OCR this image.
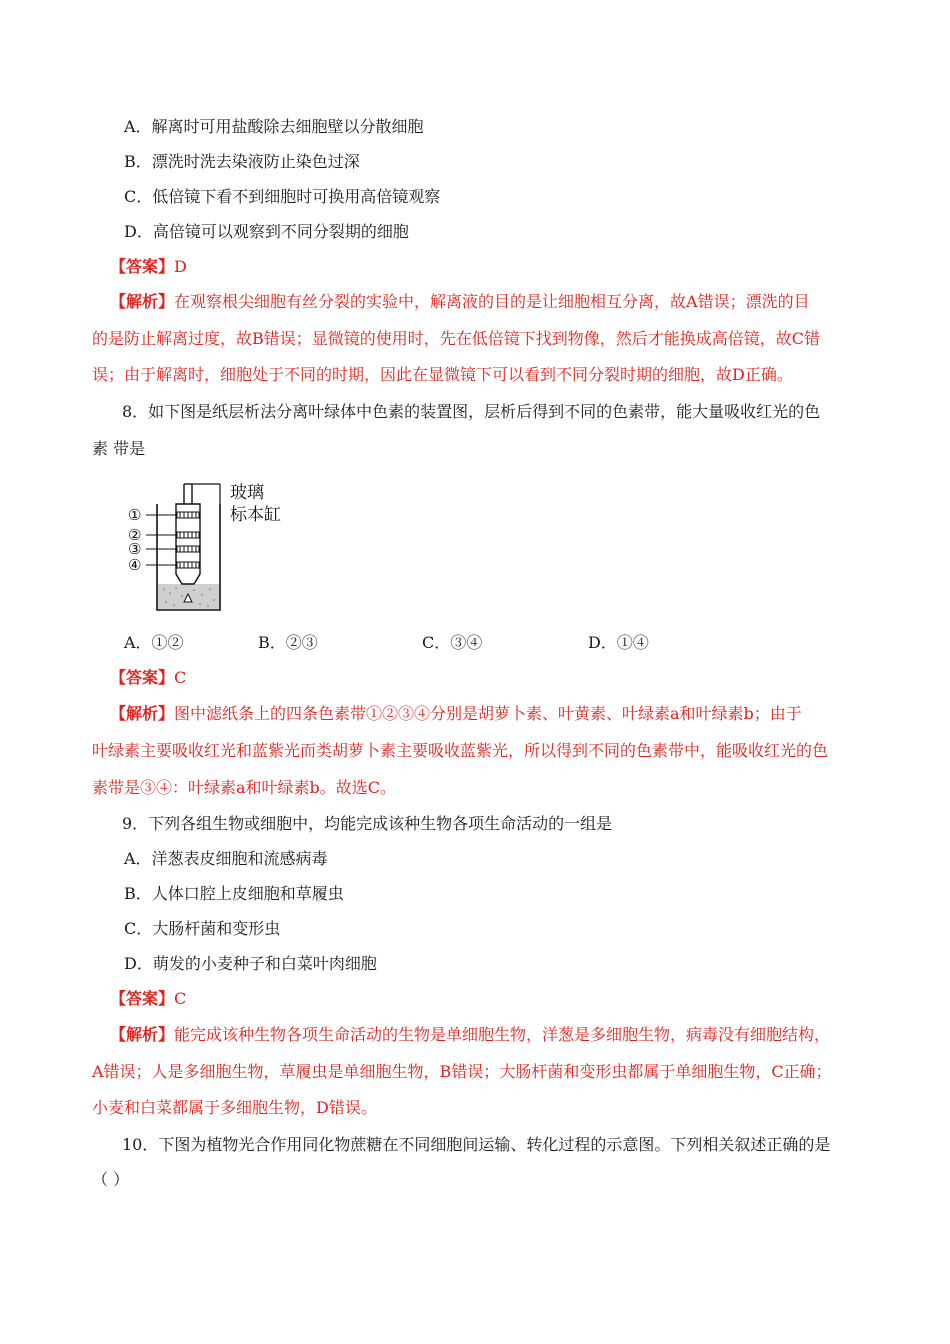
A．解离时可用盐酸除去细胞壁以分散细胞
B．漂洗时洗去染液防止染色过深
C．低倍镜下看不到细胞时可换用高倍镜观察
D．高倍镜可以观察到不同分裂期的细胞
【答案】D
【解析】在观察根尖细胞有丝分裂的实验中，解离液的目的是让细胞相互分离，故A错误；漂洗的目
的是防止解离过度，故B错误；显微镜的使用时，先在低倍镜下找到物像，然后才能换成高倍镜，故C错
误；由于解离时，细胞处于不同的时期，因此在显微镜下可以看到不同分裂时期的细胞，故D正确。
8．如下图是纸层析法分离叶绿体中色素的装置图，层析后得到不同的色素带，能大量吸收红光的色
素 带是
①
②
③
④
玻璃
标本缸
A．①②	B．②③	C．③④	D．①④
【答案】C
【解析】图中滤纸条上的四条色素带①②③④分别是胡萝卜素、叶黄素、叶绿素a和叶绿素b；由于
叶绿素主要吸收红光和蓝紫光而类胡萝卜素主要吸收蓝紫光，所以得到不同的色素带中，能吸收红光的色
素带是③④：叶绿素a和叶绿素b。故选C。
9．下列各组生物或细胞中，均能完成该种生物各项生命活动的一组是
A．洋葱表皮细胞和流感病毒
B．人体口腔上皮细胞和草履虫
C．大肠杆菌和变形虫
D．萌发的小麦种子和白菜叶肉细胞
【答案】C
【解析】能完成该种生物各项生命活动的生物是单细胞生物，洋葱是多细胞生物，病毒没有细胞结构，
A错误；人是多细胞生物，草履虫是单细胞生物，B错误；大肠杆菌和变形虫都属于单细胞生物，C正确；
小麦和白菜都属于多细胞生物，D错误。
10．下图为植物光合作用同化物蔗糖在不同细胞间运输、转化过程的示意图。下列相关叙述正确的是
（ ）
